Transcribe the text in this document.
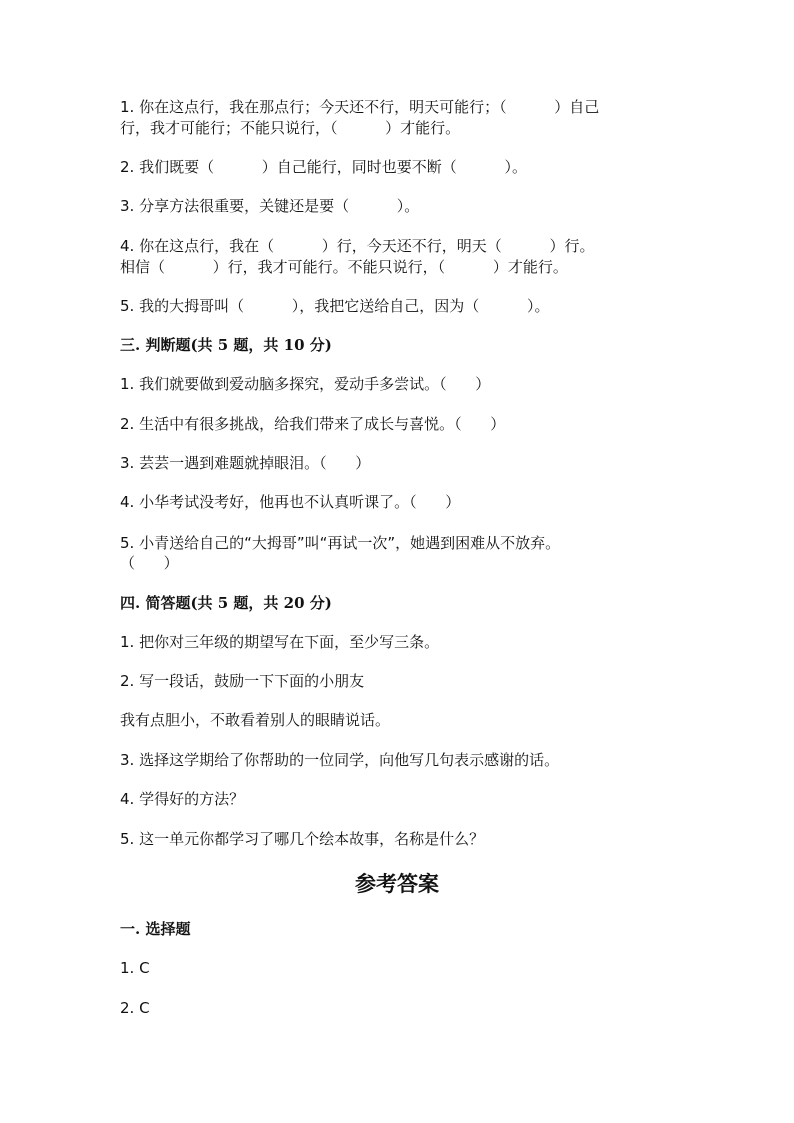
1. 你在这点行，我在那点行；今天还不行，明天可能行；（          ）自己
行，我才可能行；不能只说行，（          ）才能行。
2. 我们既要（          ）自己能行，同时也要不断（          ）。
3. 分享方法很重要，关键还是要（          ）。
4. 你在这点行，我在（          ）行，今天还不行，明天（          ）行。
相信（          ）行，我才可能行。不能只说行，（          ）才能行。
5. 我的大拇哥叫（          ），我把它送给自己，因为（          ）。
三. 判断题(共 5 题，共 10 分)
1. 我们就要做到爱动脑多探究，爱动手多尝试。（      ）
2. 生活中有很多挑战，给我们带来了成长与喜悦。（      ）
3. 芸芸一遇到难题就掉眼泪。（      ）
4. 小华考试没考好，他再也不认真听课了。（      ）
5. 小青送给自己的“大拇哥”叫“再试一次”，她遇到困难从不放弃。
（      ）
四. 简答题(共 5 题，共 20 分)
1. 把你对三年级的期望写在下面，至少写三条。
2. 写一段话，鼓励一下下面的小朋友
我有点胆小，不敢看着别人的眼睛说话。
3. 选择这学期给了你帮助的一位同学，向他写几句表示感谢的话。
4. 学得好的方法？
5. 这一单元你都学习了哪几个绘本故事，名称是什么？
参考答案
一. 选择题
1. C
2. C
